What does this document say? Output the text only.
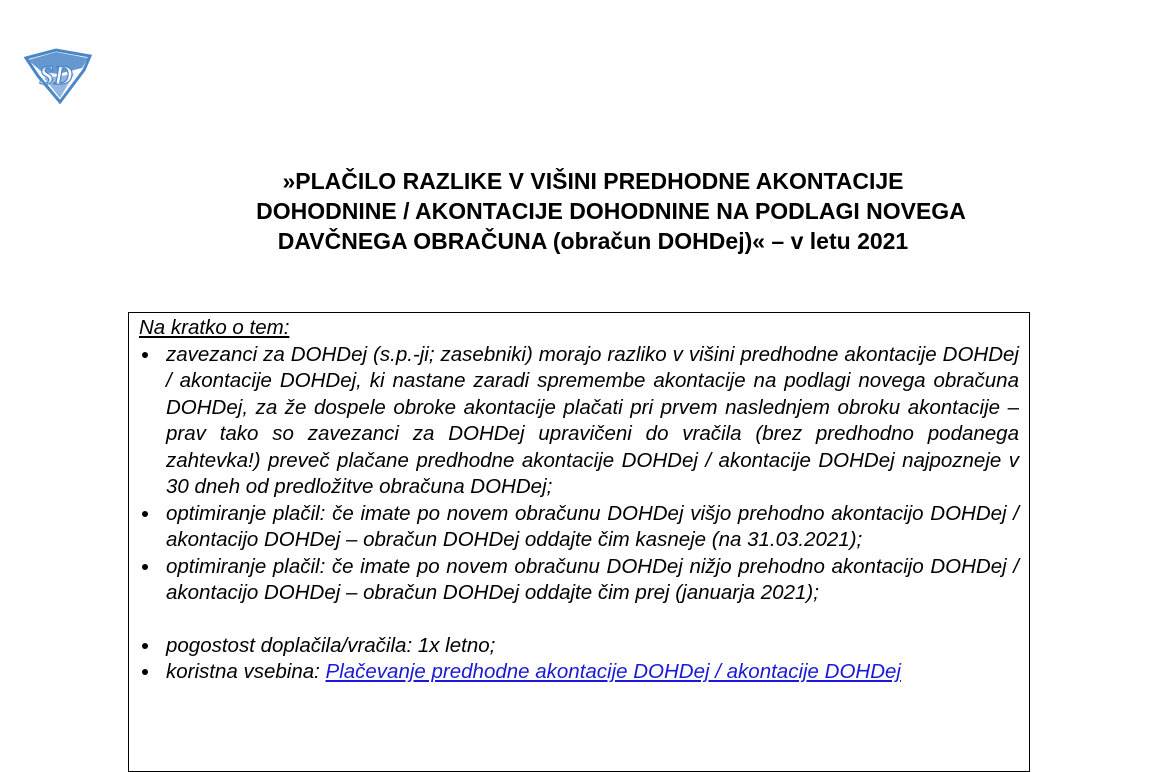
SD
»PLAČILO RAZLIKE V VIŠINI PREDHODNE AKONTACIJE
DOHODNINE / AKONTACIJE DOHODNINE NA PODLAGI NOVEGA
DAVČNEGA OBRAČUNA (obračun DOHDej)« – v letu 2021
Na kratko o tem:
zavezanci za DOHDej (s.p.-ji; zasebniki) morajo razliko v višini predhodne akontacije DOHDej / akontacije DOHDej, ki nastane zaradi spremembe akontacije na podlagi novega obračuna DOHDej, za že dospele obroke akontacije plačati pri prvem naslednjem obroku akontacije – prav tako so zavezanci za DOHDej upravičeni do vračila (brez predhodno podanega zahtevka!) preveč plačane predhodne akontacije DOHDej / akontacije DOHDej najpozneje v 30 dneh od predložitve obračuna DOHDej;
optimiranje plačil: če imate po novem obračunu DOHDej višjo prehodno akontacijo DOHDej / akontacijo DOHDej – obračun DOHDej oddajte čim kasneje (na 31.03.2021);
optimiranje plačil: če imate po novem obračunu DOHDej nižjo prehodno akontacijo DOHDej / akontacijo DOHDej – obračun DOHDej oddajte čim prej (januarja 2021);
pogostost doplačila/vračila: 1x letno;
koristna vsebina: Plačevanje predhodne akontacije DOHDej / akontacije DOHDej
